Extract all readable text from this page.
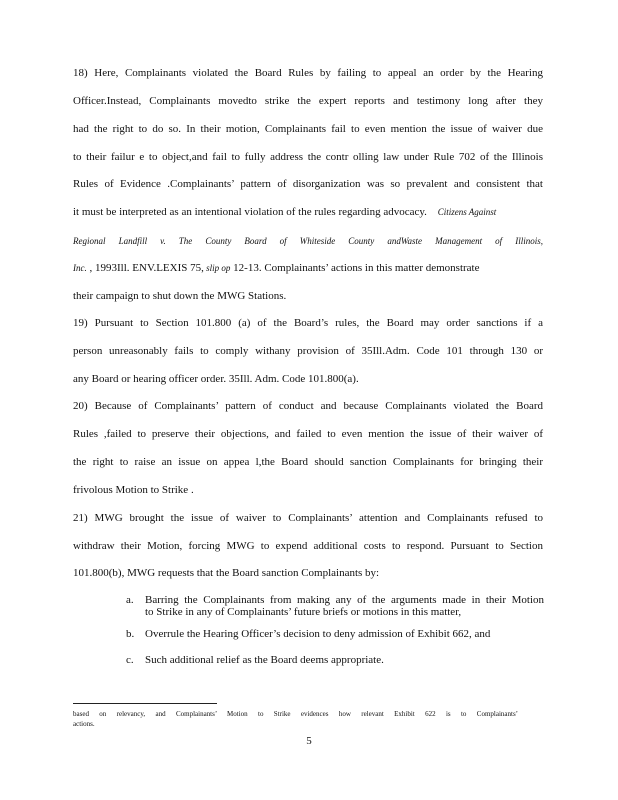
18) Here, Complainants violated the Board Rules by failing to appeal an order by the Hearing
Officer.Instead, Complainants movedto strike the expert reports and testimony long after they
had the right to do so. In their motion, Complainants fail to even mention the issue of waiver due
to their failur e to object,and fail to fully address the contr olling law under Rule 702 of the Illinois
Rules of Evidence .Complainants’ pattern of disorganization was so prevalent and consistent that
it must be interpreted as an intentional violation of the rules regarding advocacy. Citizens Against
Regional Landfill v. The County Board of Whiteside County andWaste Management of Illinois,
Inc. , 1993Ill. ENV.LEXIS 75, slip op 12-13. Complainants’ actions in this matter demonstrate
their campaign to shut down the MWG Stations.
19) Pursuant to Section 101.800 (a) of the Board’s rules, the Board may order sanctions if a
person unreasonably fails to comply withany provision of 35Ill.Adm. Code 101 through 130 or
any Board or hearing officer order. 35Ill. Adm. Code 101.800(a).
20) Because of Complainants’ pattern of conduct and because Complainants violated the Board
Rules ,failed to preserve their objections, and failed to even mention the issue of their waiver of
the right to raise an issue on appea l,the Board should sanction Complainants for bringing their
frivolous Motion to Strike .
21) MWG brought the issue of waiver to Complainants’ attention and Complainants refused to
withdraw their Motion, forcing MWG to expend additional costs to respond. Pursuant to Section
101.800(b), MWG requests that the Board sanction Complainants by:
a. Barring the Complainants from making any of the arguments made in their Motion
to Strike in any of Complainants’ future briefs or motions in this matter,
b. Overrule the Hearing Officer’s decision to deny admission of Exhibit 662, and
c. Such additional relief as the Board deems appropriate.
based on relevancy, and Complainants’ Motion to Strike evidences how relevant Exhibit 622 is to Complainants’
actions.
5
